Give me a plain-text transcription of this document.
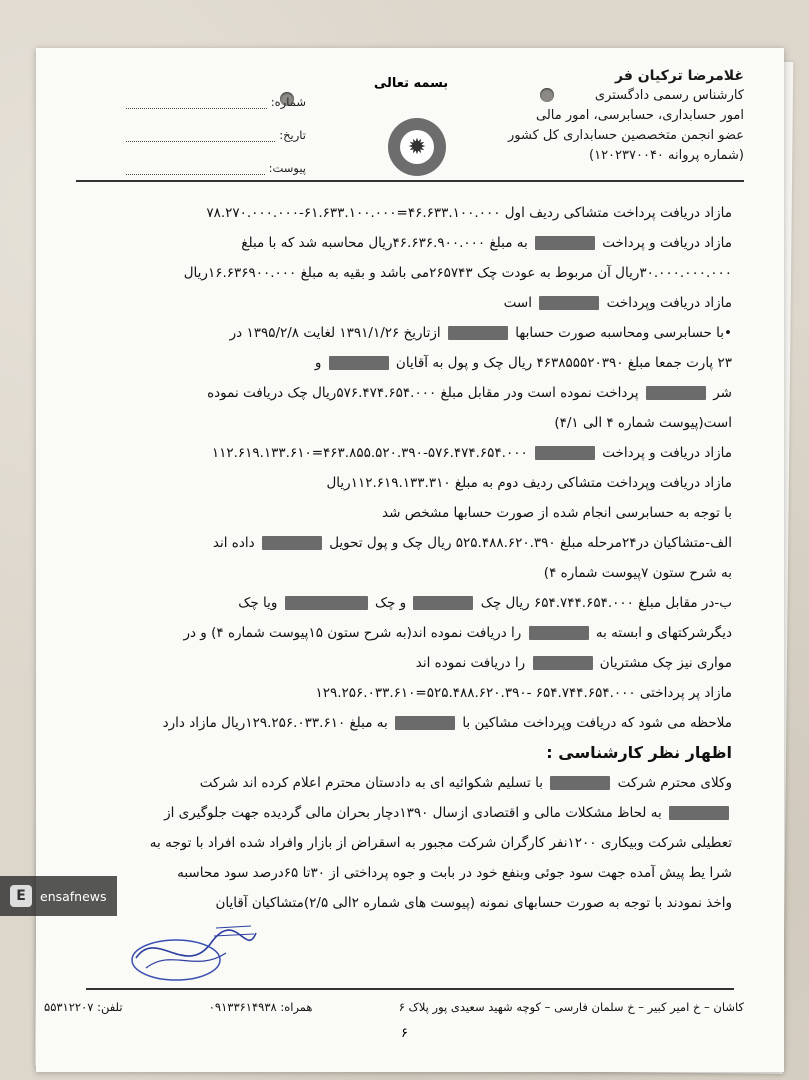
غلامرضا ترکیان فر
کارشناس رسمی دادگستری
امور حسابداری، حسابرسی، امور مالی
عضو انجمن متخصصین حسابداری کل کشور
(شماره پروانه ۱۲۰۲۳۷۰۰۴۰)
بسمه تعالی
✹
شماره:
تاریخ:
پیوست:
مازاد دریافت پرداخت متشاکی ردیف اول ۴۶.۶۳۳.۱۰۰.۰۰۰=۶۱.۶۳۳.۱۰۰.۰۰۰-۷۸.۲۷۰.۰۰۰.۰۰۰
مازاد دریافت و پرداخت  به مبلغ ۴۶.۶۳۶.۹۰۰.۰۰۰ریال محاسبه شد که با مبلغ
۳۰.۰۰۰.۰۰۰.۰۰۰ریال آن مربوط به عودت چک ۲۶۵۷۴۳می باشد و بقیه به مبلغ ۱۶.۶۳۶۹۰۰.۰۰۰ریال
مازاد دریافت وپرداخت  است
•با حسابرسی ومحاسبه صورت حسابها  ازتاریخ ۱۳۹۱/۱/۲۶ لغایت ۱۳۹۵/۲/۸ در
۲۳ پارت جمعا مبلغ ۴۶۳۸۵۵۵۲۰۳۹۰ ریال چک و پول به آقایان  و
شر  پرداخت نموده است ودر مقابل مبلغ ۵۷۶.۴۷۴.۶۵۴.۰۰۰ریال چک دریافت نموده
است(پیوست شماره ۴ الی ۴/۱)
مازاد دریافت و پرداخت  ۵۷۶.۴۷۴.۶۵۴.۰۰۰-۴۶۳.۸۵۵.۵۲۰.۳۹۰=۱۱۲.۶۱۹.۱۳۳.۶۱۰
مازاد دریافت وپرداخت متشاکی ردیف دوم به مبلغ ۱۱۲.۶۱۹.۱۳۳.۳۱۰ریال
با توجه به حسابرسی انجام شده از صورت حسابها مشخص شد
الف-متشاکیان در۲۴مرحله مبلغ ۵۲۵.۴۸۸.۶۲۰.۳۹۰ ریال چک و پول تحویل  داده اند
به شرح ستون ۷پیوست شماره ۴)
ب-در مقابل مبلغ ۶۵۴.۷۴۴.۶۵۴.۰۰۰ ریال چک  و چک  ویا چک
دیگرشرکتهای و ابسته به  را دریافت نموده اند(به شرح ستون ۱۵پیوست شماره ۴) و در
مواری نیز چک مشتریان  را دریافت نموده اند
مازاد پر پرداختی ۶۵۴.۷۴۴.۶۵۴.۰۰۰ -۵۲۵.۴۸۸.۶۲۰.۳۹۰=۱۲۹.۲۵۶.۰۳۳.۶۱۰
ملاحظه می شود که دریافت وپرداخت مشاکین با  به مبلغ ۱۲۹.۲۵۶.۰۳۳.۶۱۰ریال مازاد دارد
اظهار نظر کارشناسی :
وکلای محترم شرکت  با تسلیم شکوائیه ای به دادستان محترم اعلام کرده اند شرکت
به لحاظ مشکلات مالی و اقتصادی ازسال ۱۳۹۰دچار بحران مالی گردیده جهت جلوگیری از
تعطیلی شرکت وبیکاری ۱۲۰۰نفر کارگران شرکت مجبور به اسقراض از بازار وافراد شده افراد با توجه به
شرا یط پیش آمده جهت سود جوئی وبنفع خود در بابت و جوه پرداختی از ۳۰تا ۶۵درصد سود محاسبه
واخذ نمودند با توجه به صورت حسابهای نمونه (پیوست های شماره ۲الی ۲/۵)متشاکیان آقایان
کاشان – خ امیر کبیر – خ سلمان فارسی – کوچه شهید سعیدی پور پلاک ۶
همراه: ۰۹۱۳۳۶۱۴۹۳۸
تلفن: ۵۵۳۱۲۲۰۷
۶
E	ensafnews
